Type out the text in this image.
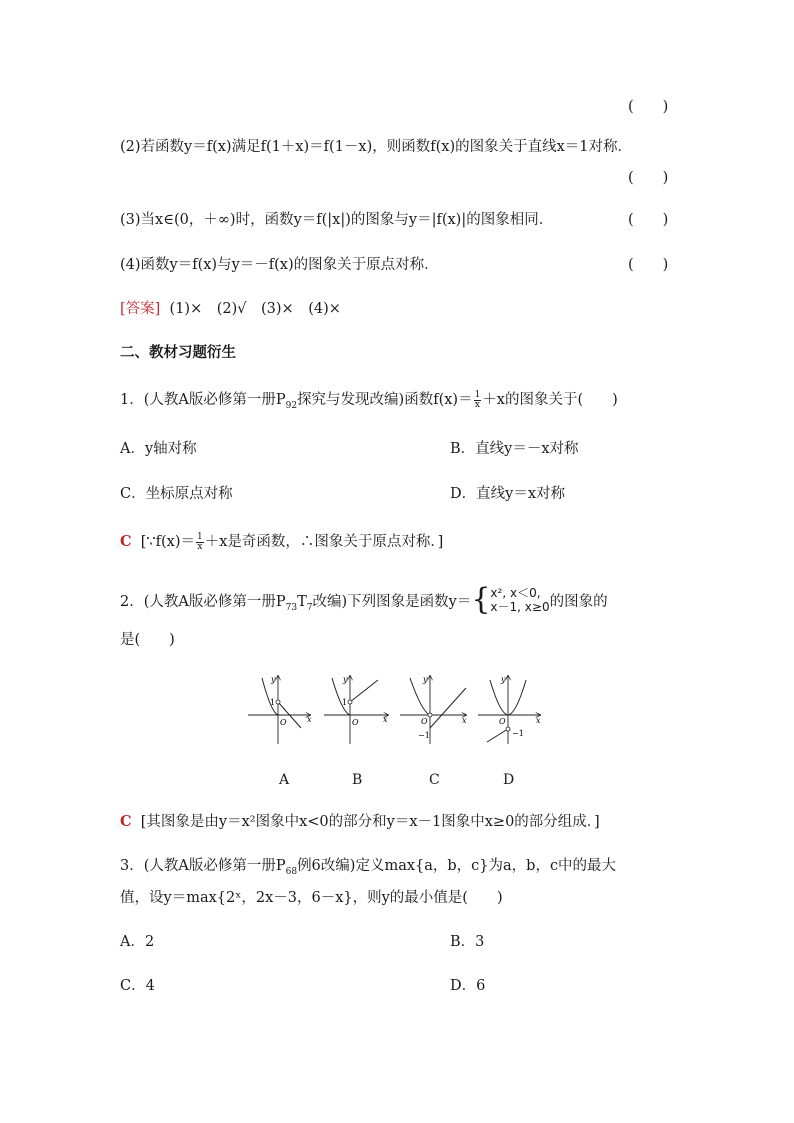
(　　)
(2)若函数y＝f(x)满足f(1＋x)＝f(1－x)，则函数f(x)的图象关于直线x＝1对称．
(　　)
(3)当x∈(0，＋∞)时，函数y＝f(|x|)的图象与y＝|f(x)|的图象相同．	(　　)
(4)函数y＝f(x)与y＝－f(x)的图象关于原点对称．	(　　)
[答案] (1)×　(2)√　(3)×　(4)×
二、教材习题衍生
1．(人教A版必修第一册$P_{92}$探究与发现改编)函数$f(x)= \frac{1}{x} +x$的图象关于(　　)
A．y轴对称	B．直线y＝－x对称
C．坐标原点对称	D．直线y＝x对称
C [∵f(x)＝ $\frac{1}{x} +x$是奇函数，∴图象关于原点对称．]
2．(人教A版必修第一册$P_{73}T_7$改编)下列图象是函数y＝{ x², x＜0,
x－1, x≥0 的图象的
是(　　)
y
x
O
1
y
x
O
1
y
x
O
−1
y
x
O
−1
A	B	C	D
C [其图象是由y＝x²图象中x<0的部分和y＝x－1图象中x≥0的部分组成．]
3．(人教A版必修第一册$P_{68}$例6改编)定义max{a，b，c}为a，b，c中的最大
值，设y＝max{2ˣ，2x－3，6－x}，则y的最小值是(　　)
A．2	B．3
C．4	D．6
